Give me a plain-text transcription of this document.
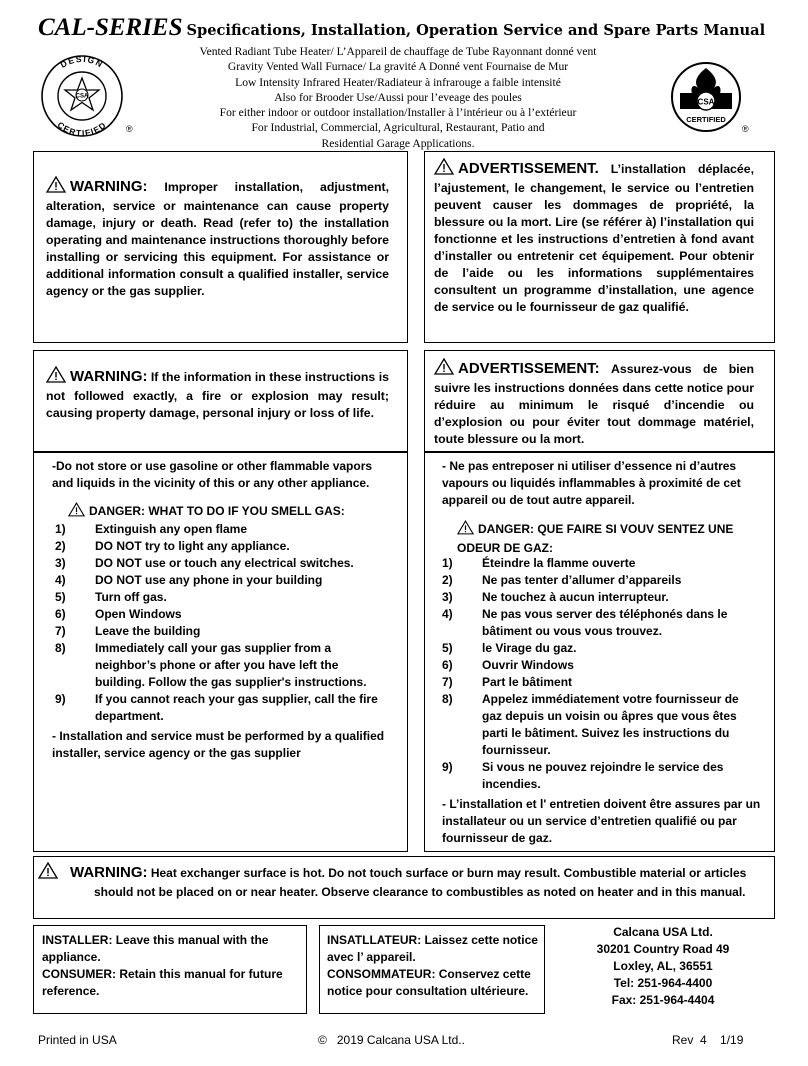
CAL-SERIES Specifications, Installation, Operation Service and Spare Parts Manual
Vented Radiant Tube Heater/ L’Appareil de chauffage de Tube Rayonnant donné vent
Gravity Vented Wall Furnace/ La gravité A Donné vent Fournaise de Mur
Low Intensity Infrared Heater/Radiateur à infrarouge a faible intensité
Also for Brooder Use/Aussi pour l’eveage des poules
For either indoor or outdoor installation/Installer à l’intérieur ou à l’extérieur
For Industrial, Commercial, Agricultural, Restaurant, Patio and
Residential Garage Applications.
DESIGN
CERTIFIED
CSA
®
CSA
CERTIFIED
®
WARNING: Improper installation, adjustment, alteration, service or maintenance can cause property damage, injury or death. Read (refer to) the installation operating and maintenance instructions thoroughly before installing or servicing this equipment. For assistance or additional information consult a qualified installer, service agency or the gas supplier.
ADVERTISSEMENT. L’installation déplacée, l’ajustement, le changement, le service ou l’entretien peuvent causer les dommages de propriété, la blessure ou la mort. Lire (se référer à) l’installation qui fonctionne et les instructions d’entretien à fond avant d’installer ou entretenir cet équipement. Pour obtenir de l’aide ou les informations supplémentaires consultent un programme d’installation, une agence de service ou le fournisseur de gaz qualifié.
WARNING: If the information in these instructions is not followed exactly, a fire or explosion may result; causing property damage, personal injury or loss of life.
-Do not store or use gasoline or other flammable vapors and liquids in the vicinity of this or any other appliance.
DANGER: WHAT TO DO IF YOU SMELL GAS:
1) Extinguish any open flame
2) DO NOT try to light any appliance.
3) DO NOT use or touch any electrical switches.
4) DO NOT use any phone in your building
5) Turn off gas.
6) Open Windows
7) Leave the building
8) Immediately call your gas supplier from a neighbor’s phone or after you have left the building. Follow the gas supplier's instructions.
9) If you cannot reach your gas supplier, call the fire department.
- Installation and service must be performed by a qualified installer, service agency or the gas supplier
ADVERTISSEMENT: Assurez-vous de bien suivre les instructions données dans cette notice pour réduire au minimum le risqué d’incendie ou d’explosion ou pour éviter tout dommage matériel, toute blessure ou la mort.
- Ne pas entreposer ni utiliser d’essence ni d’autres vapours ou liquidés inflammables à proximité de cet appareil ou de tout autre appareil.
DANGER: QUE FAIRE SI VOUV SENTEZ UNE ODEUR DE GAZ:
1) Éteindre la flamme ouverte
2) Ne pas tenter d’allumer d’appareils
3) Ne touchez à aucun interrupteur.
4) Ne pas vous server des téléphonés dans le bâtiment ou vous vous trouvez.
5) le Virage du gaz.
6) Ouvrir Windows
7) Part le bâtiment
8) Appelez immédiatement votre fournisseur de gaz depuis un voisin ou âpres que vous êtes parti le bâtiment. Suivez les instructions du fournisseur.
9) Si vous ne pouvez rejoindre le service des incendies.
- L’installation et l' entretien doivent être assures par un installateur ou un service d’entretien qualifié ou par fournisseur de gaz.
WARNING: Heat exchanger surface is hot. Do not touch surface or burn may result. Combustible material or articles should not be placed on or near heater. Observe clearance to combustibles as noted on heater and in this manual.
INSTALLER: Leave this manual with the appliance.
CONSUMER: Retain this manual for future reference.
INSATLLATEUR: Laissez cette notice avec l’ appareil.
CONSOMMATEUR: Conservez cette notice pour consultation ultérieure.
Calcana USA Ltd.
30201 Country Road 49
Loxley, AL, 36551
Tel: 251-964-4400
Fax: 251-964-4404
Printed in USA	©   2019 Calcana USA Ltd..	Rev  4    1/19
